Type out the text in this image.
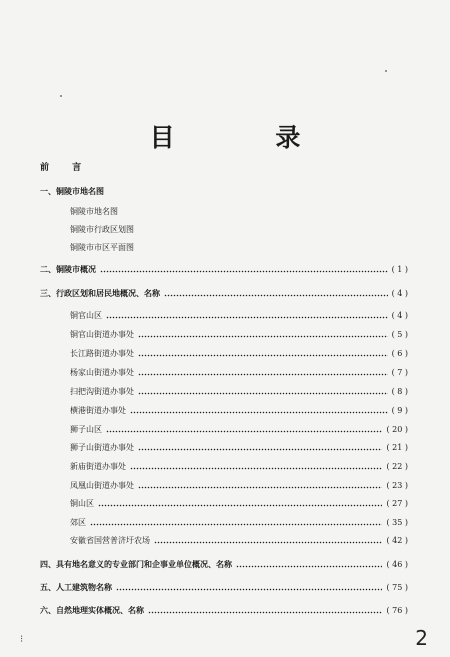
目 录
前 言
一、铜陵市地名图
铜陵市地名图
铜陵市行政区划图
铜陵市市区平面图
二、铜陵市概况	( 1 )
三、行政区划和居民地概况、名称	( 4 )
铜官山区	( 4 )
铜官山街道办事处	( 5 )
长江路街道办事处	( 6 )
杨家山街道办事处	( 7 )
扫把沟街道办事处	( 8 )
横港街道办事处	( 9 )
狮子山区	( 20 )
狮子山街道办事处	( 21 )
新庙街道办事处	( 22 )
凤凰山街道办事处	( 23 )
铜山区	( 27 )
郊区	( 35 )
安徽省国营普济圩农场	( 42 )
四、具有地名意义的专业部门和企事业单位概况、名称	( 46 )
五、人工建筑物名称	( 75 )
六、自然地理实体概况、名称	( 76 )
2
⁝
